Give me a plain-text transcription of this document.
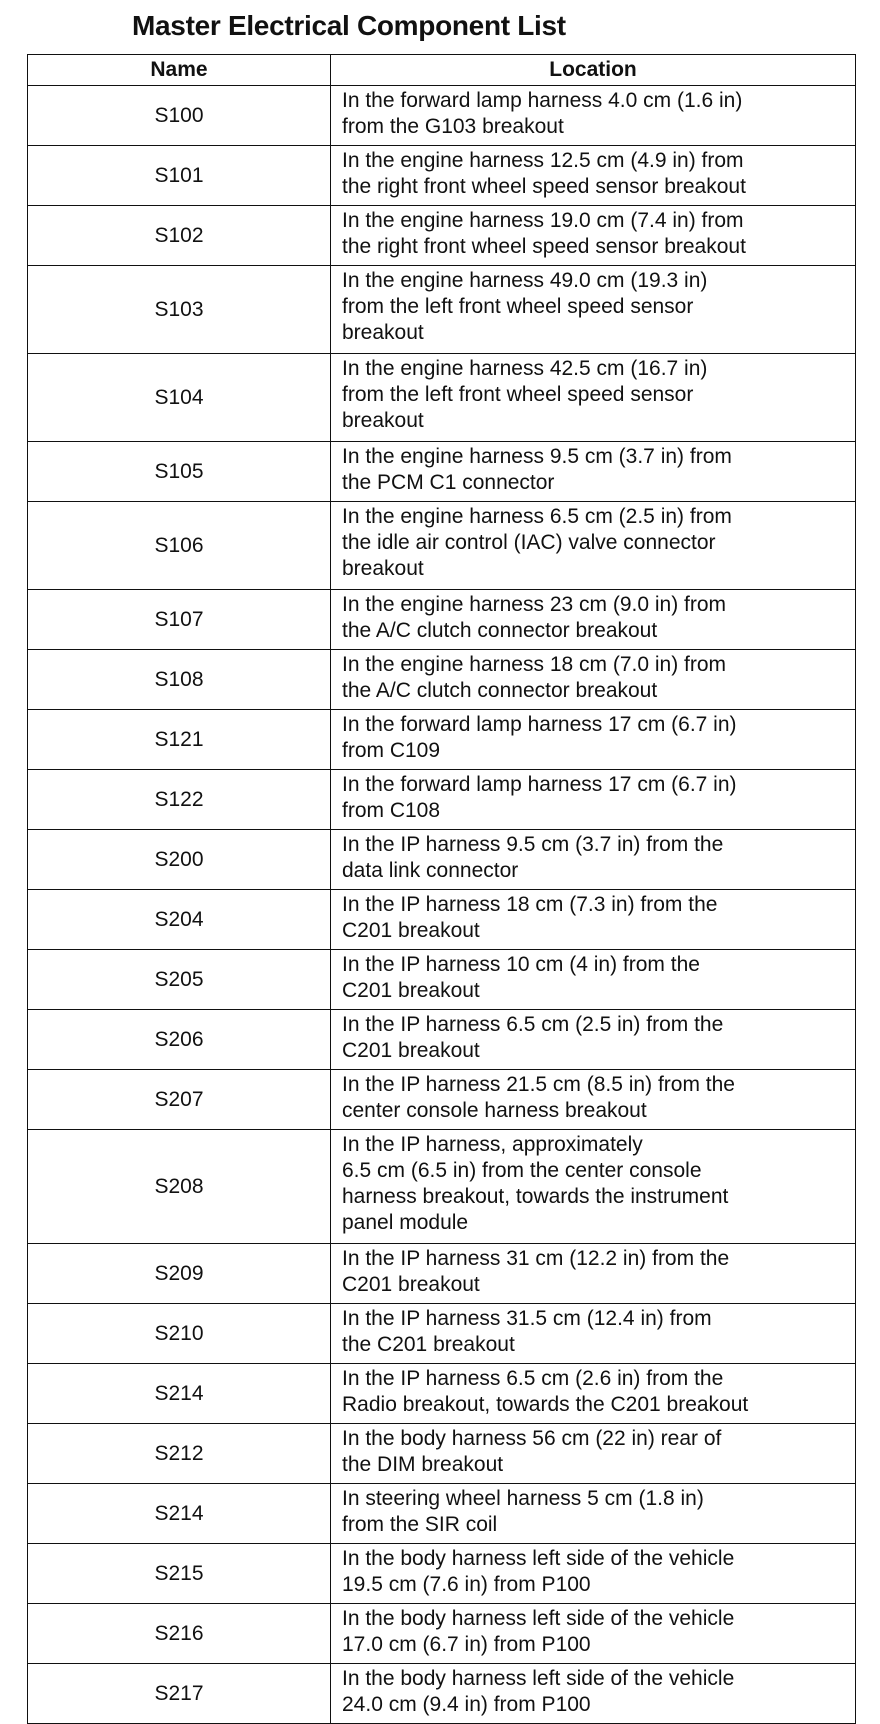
Master Electrical Component List
Name	Location
S100	In the forward lamp harness 4.0 cm (1.6 in)
from the G103 breakout
S101	In the engine harness 12.5 cm (4.9 in) from
the right front wheel speed sensor breakout
S102	In the engine harness 19.0 cm (7.4 in) from
the right front wheel speed sensor breakout
S103	In the engine harness 49.0 cm (19.3 in)
from the left front wheel speed sensor
breakout
S104	In the engine harness 42.5 cm (16.7 in)
from the left front wheel speed sensor
breakout
S105	In the engine harness 9.5 cm (3.7 in) from
the PCM C1 connector
S106	In the engine harness 6.5 cm (2.5 in) from
the idle air control (IAC) valve connector
breakout
S107	In the engine harness 23 cm (9.0 in) from
the A/C clutch connector breakout
S108	In the engine harness 18 cm (7.0 in) from
the A/C clutch connector breakout
S121	In the forward lamp harness 17 cm (6.7 in)
from C109
S122	In the forward lamp harness 17 cm (6.7 in)
from C108
S200	In the IP harness 9.5 cm (3.7 in) from the
data link connector
S204	In the IP harness 18 cm (7.3 in) from the
C201 breakout
S205	In the IP harness 10 cm (4 in) from the
C201 breakout
S206	In the IP harness 6.5 cm (2.5 in) from the
C201 breakout
S207	In the IP harness 21.5 cm (8.5 in) from the
center console harness breakout
S208	In the IP harness, approximately
6.5 cm (6.5 in) from the center console
harness breakout, towards the instrument
panel module
S209	In the IP harness 31 cm (12.2 in) from the
C201 breakout
S210	In the IP harness 31.5 cm (12.4 in) from
the C201 breakout
S214	In the IP harness 6.5 cm (2.6 in) from the
Radio breakout, towards the C201 breakout
S212	In the body harness 56 cm (22 in) rear of
the DIM breakout
S214	In steering wheel harness 5 cm (1.8 in)
from the SIR coil
S215	In the body harness left side of the vehicle
19.5 cm (7.6 in) from P100
S216	In the body harness left side of the vehicle
17.0 cm (6.7 in) from P100
S217	In the body harness left side of the vehicle
24.0 cm (9.4 in) from P100
